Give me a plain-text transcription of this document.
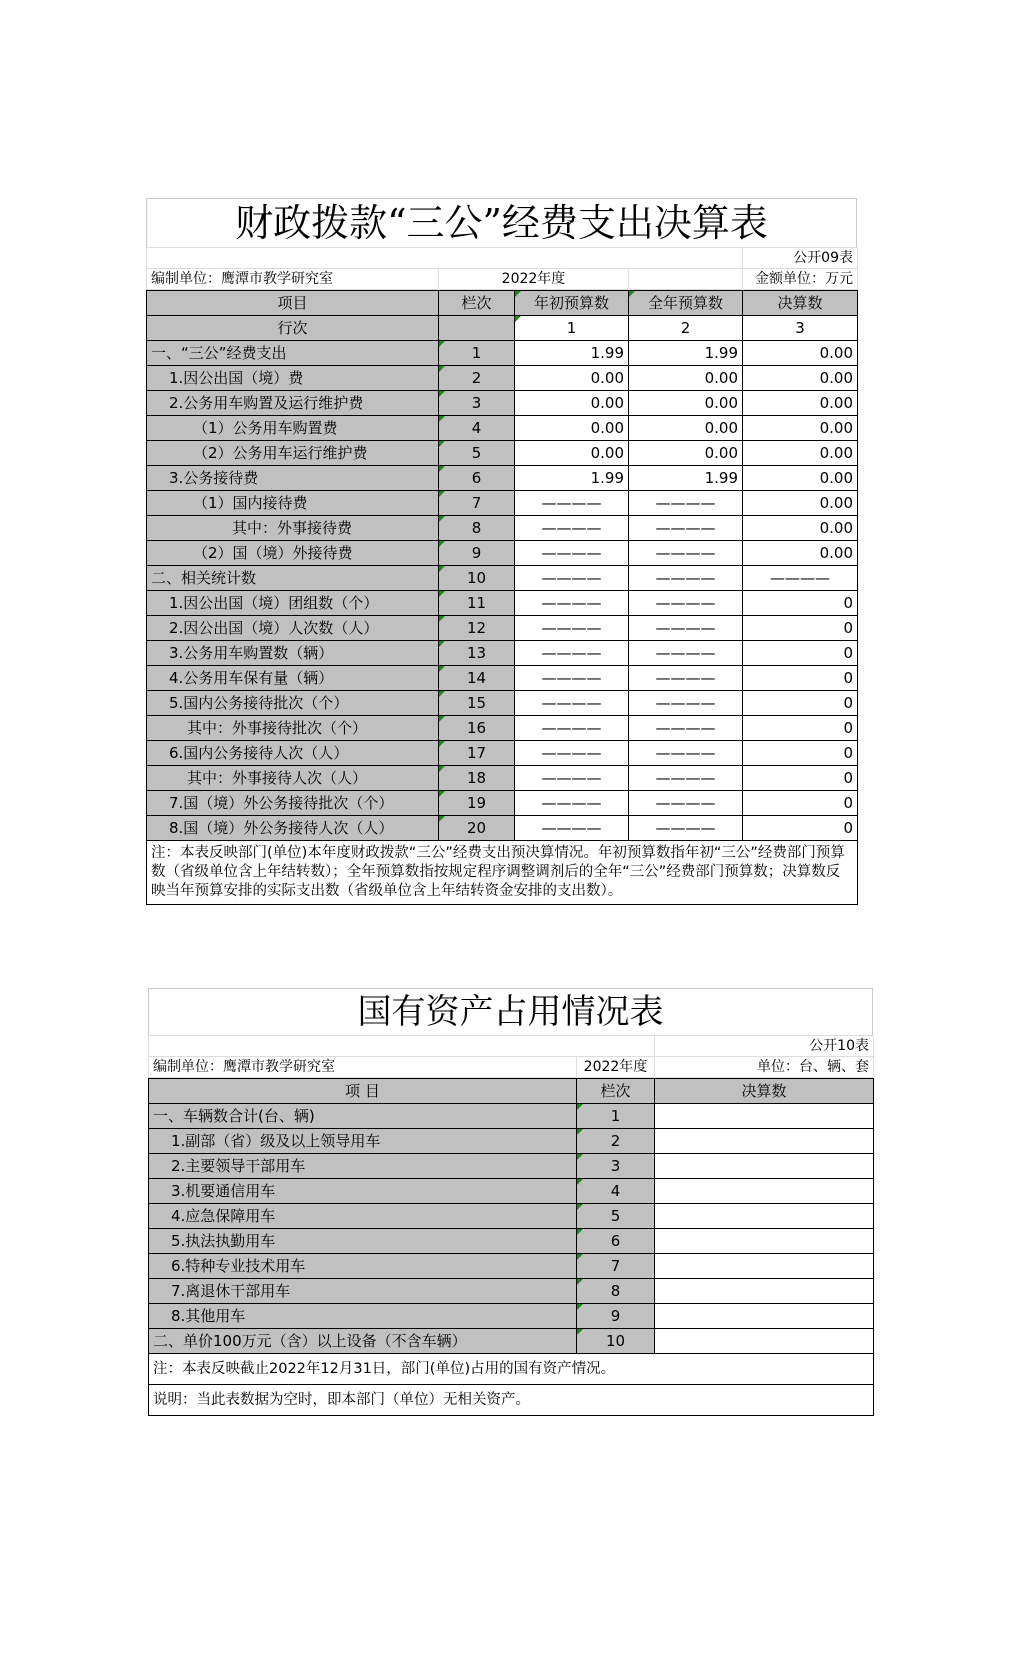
财政拨款“三公”经费支出决算表
			公开09表
编制单位：鹰潭市教学研究室	2022年度		金额单位：万元
项目	栏次	年初预算数	全年预算数	决算数
行次		1	2	3
一、“三公”经费支出	1	1.99	1.99	0.00
1.因公出国（境）费	2	0.00	0.00	0.00
2.公务用车购置及运行维护费	3	0.00	0.00	0.00
（1）公务用车购置费	4	0.00	0.00	0.00
（2）公务用车运行维护费	5	0.00	0.00	0.00
3.公务接待费	6	1.99	1.99	0.00
（1）国内接待费	7	————	————	0.00
其中：外事接待费	8	————	————	0.00
（2）国（境）外接待费	9	————	————	0.00
二、相关统计数	10	————	————	————
1.因公出国（境）团组数（个）	11	————	————	0
2.因公出国（境）人次数（人）	12	————	————	0
3.公务用车购置数（辆）	13	————	————	0
4.公务用车保有量（辆）	14	————	————	0
5.国内公务接待批次（个）	15	————	————	0
其中：外事接待批次（个）	16	————	————	0
6.国内公务接待人次（人）	17	————	————	0
其中：外事接待人次（人）	18	————	————	0
7.国（境）外公务接待批次（个）	19	————	————	0
8.国（境）外公务接待人次（人）	20	————	————	0
注：本表反映部门(单位)本年度财政拨款“三公”经费支出预决算情况。年初预算数指年初“三公”经费部门预算数（省级单位含上年结转数）；全年预算数指按规定程序调整调剂后的全年“三公”经费部门预算数；决算数反映当年预算安排的实际支出数（省级单位含上年结转资金安排的支出数）。				
国有资产占用情况表
		公开10表
编制单位：鹰潭市教学研究室	2022年度	单位：台、辆、套
项 目	栏次	决算数
一、车辆数合计(台、辆)	1	
1.副部（省）级及以上领导用车	2	
2.主要领导干部用车	3	
3.机要通信用车	4	
4.应急保障用车	5	
5.执法执勤用车	6	
6.特种专业技术用车	7	
7.离退休干部用车	8	
8.其他用车	9	
二、单价100万元（含）以上设备（不含车辆）	10	
注：本表反映截止2022年12月31日，部门(单位)占用的国有资产情况。		
说明：当此表数据为空时，即本部门（单位）无相关资产。		
